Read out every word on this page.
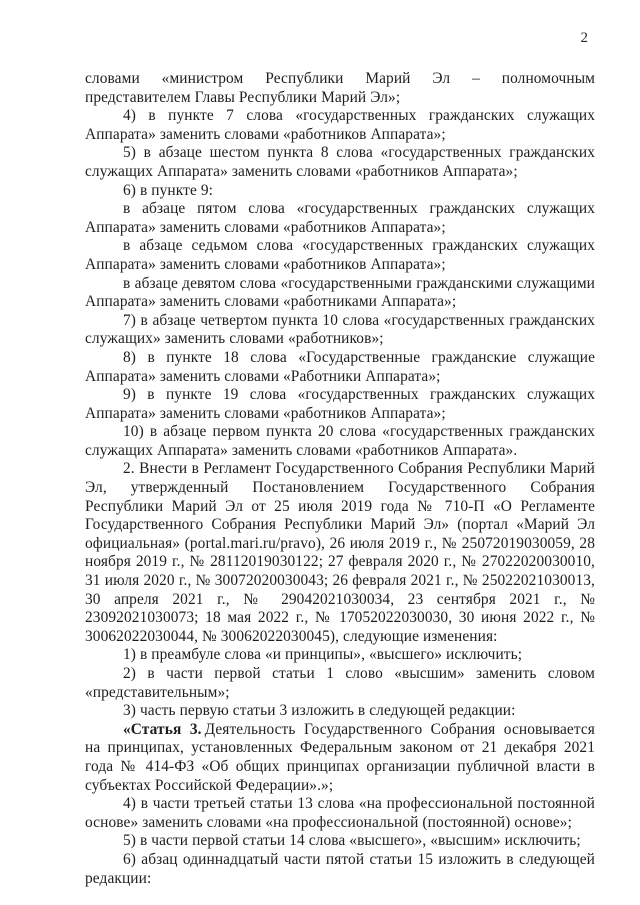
2

словами «министром Республики Марий Эл – полномочным представителем Главы Республики Марий Эл»;

4) в пункте 7 слова «государственных гражданских служащих Аппарата» заменить словами «работников Аппарата»;

5) в абзаце шестом пункта 8 слова «государственных гражданских служащих Аппарата» заменить словами «работников Аппарата»;

6) в пункте 9:

в абзаце пятом слова «государственных гражданских служащих Аппарата» заменить словами «работников Аппарата»;

в абзаце седьмом слова «государственных гражданских служащих Аппарата» заменить словами «работников Аппарата»;

в абзаце девятом слова «государственными гражданскими служащими Аппарата» заменить словами «работниками Аппарата»;

7) в абзаце четвертом пункта 10 слова «государственных гражданских служащих» заменить словами «работников»;

8) в пункте 18 слова «Государственные гражданские служащие Аппарата» заменить словами «Работники Аппарата»;

9) в пункте 19 слова «государственных гражданских служащих Аппарата» заменить словами «работников Аппарата»;

10) в абзаце первом пункта 20 слова «государственных гражданских служащих Аппарата» заменить словами «работников Аппарата».

2. Внести в Регламент Государственного Собрания Республики Марий Эл, утвержденный Постановлением Государственного Собрания Республики Марий Эл от 25 июля 2019 года № 710-П «О Регламенте Государственного Собрания Республики Марий Эл» (портал «Марий Эл официальная» (portal.mari.ru/pravo), 26 июля 2019 г., № 25072019030059, 28 ноября 2019 г., № 28112019030122; 27 февраля 2020 г., № 27022020030010, 31 июля 2020 г., № 30072020030043; 26 февраля 2021 г., № 25022021030013, 30 апреля 2021 г., № 29042021030034, 23 сентября 2021 г., № 23092021030073; 18 мая 2022 г., № 17052022030030, 30 июня 2022 г., № 30062022030044, № 30062022030045), следующие изменения:

1) в преамбуле слова «и принципы», «высшего» исключить;

2) в части первой статьи 1 слово «высшим» заменить словом «представительным»;

3) часть первую статьи 3 изложить в следующей редакции:

«Статья 3. Деятельность Государственного Собрания основывается на принципах, установленных Федеральным законом от 21 декабря 2021 года № 414-ФЗ «Об общих принципах организации публичной власти в субъектах Российской Федерации».»;

4) в части третьей статьи 13 слова «на профессиональной постоянной основе» заменить словами «на профессиональной (постоянной) основе»;

5) в части первой статьи 14 слова «высшего», «высшим» исключить;

6) абзац одиннадцатый части пятой статьи 15 изложить в следующей редакции:
